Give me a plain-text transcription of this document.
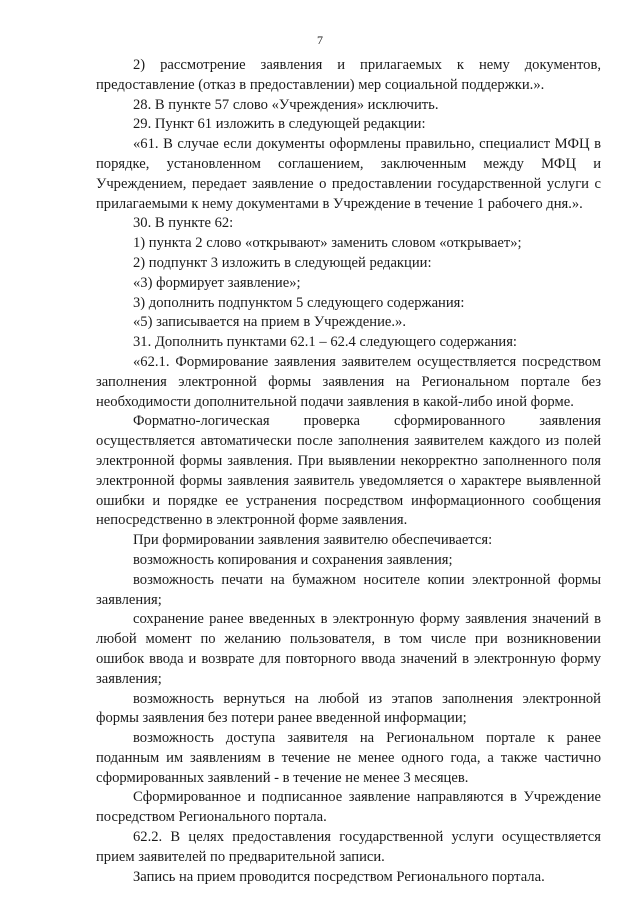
7

2) рассмотрение заявления и прилагаемых к нему документов, предоставление (отказ в предоставлении) мер социальной поддержки.».

28. В пункте 57 слово «Учреждения» исключить.

29. Пункт 61 изложить в следующей редакции:

«61. В случае если документы оформлены правильно, специалист МФЦ в порядке, установленном соглашением, заключенным между МФЦ и Учреждением, передает заявление о предоставлении государственной услуги с прилагаемыми к нему документами в Учреждение в течение 1 рабочего дня.».

30. В пункте 62:

1) пункта 2 слово «открывают» заменить словом «открывает»;

2) подпункт 3 изложить в следующей редакции:

«3) формирует заявление»;

3) дополнить подпунктом 5 следующего содержания:

«5) записывается на прием в Учреждение.».

31. Дополнить пунктами 62.1 – 62.4 следующего содержания:

«62.1. Формирование заявления заявителем осуществляется посредством заполнения электронной формы заявления на Региональном портале без необходимости дополнительной подачи заявления в какой-либо иной форме.

Форматно-логическая проверка сформированного заявления осуществляется автоматически после заполнения заявителем каждого из полей электронной формы заявления. При выявлении некорректно заполненного поля электронной формы заявления заявитель уведомляется о характере выявленной ошибки и порядке ее устранения посредством информационного сообщения непосредственно в электронной форме заявления.

При формировании заявления заявителю обеспечивается:

возможность копирования и сохранения заявления;

возможность печати на бумажном носителе копии электронной формы заявления;

сохранение ранее введенных в электронную форму заявления значений в любой момент по желанию пользователя, в том числе при возникновении ошибок ввода и возврате для повторного ввода значений в электронную форму заявления;

возможность вернуться на любой из этапов заполнения электронной формы заявления без потери ранее введенной информации;

возможность доступа заявителя на Региональном портале к ранее поданным им заявлениям в течение не менее одного года, а также частично сформированных заявлений - в течение не менее 3 месяцев.

Сформированное и подписанное заявление направляются в Учреждение посредством Регионального портала.

62.2. В целях предоставления государственной услуги осуществляется прием заявителей по предварительной записи.

Запись на прием проводится посредством Регионального портала.
